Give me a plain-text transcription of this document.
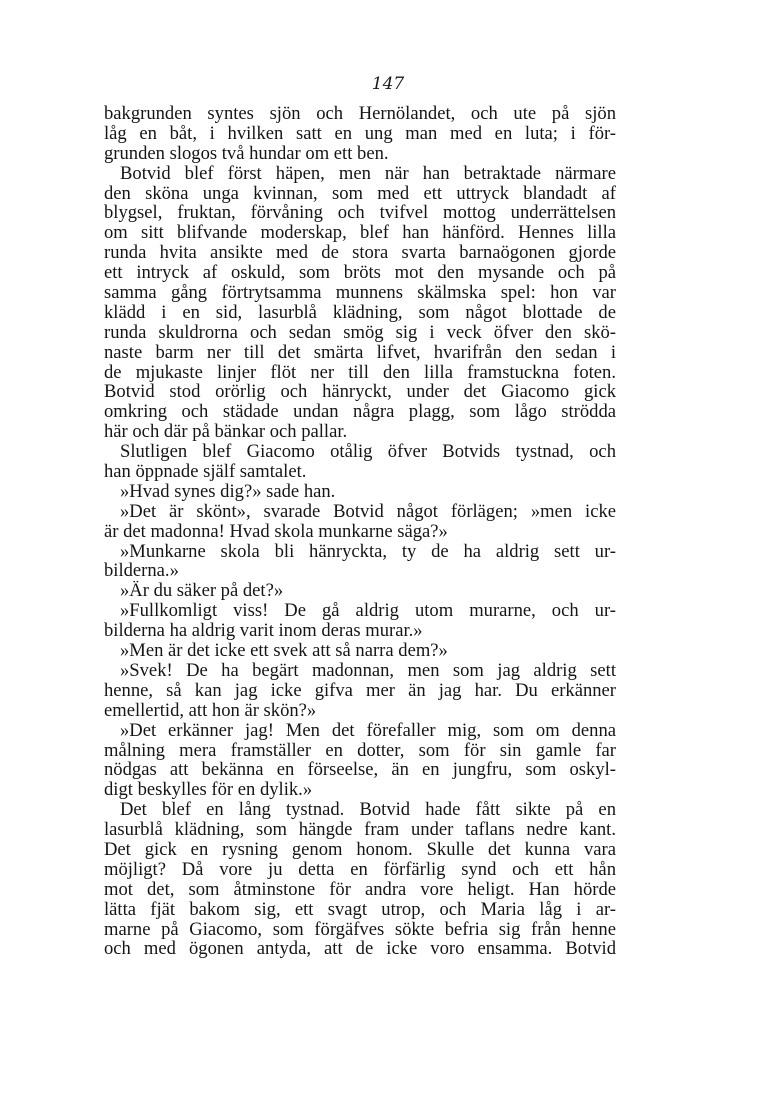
147
bakgrunden syntes sjön och Hernölandet, och ute på sjön
låg en båt, i hvilken satt en ung man med en luta; i för-
grunden slogos två hundar om ett ben.
Botvid blef först häpen, men när han betraktade närmare
den sköna unga kvinnan, som med ett uttryck blandadt af
blygsel, fruktan, förvåning och tvifvel mottog underrättelsen
om sitt blifvande moderskap, blef han hänförd. Hennes lilla
runda hvita ansikte med de stora svarta barnaögonen gjorde
ett intryck af oskuld, som bröts mot den mysande och på
samma gång förtrytsamma munnens skälmska spel: hon var
klädd i en sid, lasurblå klädning, som något blottade de
runda skuldrorna och sedan smög sig i veck öfver den skö-
naste barm ner till det smärta lifvet, hvarifrån den sedan i
de mjukaste linjer flöt ner till den lilla framstuckna foten.
Botvid stod orörlig och hänryckt, under det Giacomo gick
omkring och städade undan några plagg, som lågo strödda
här och där på bänkar och pallar.
Slutligen blef Giacomo otålig öfver Botvids tystnad, och
han öppnade själf samtalet.
»Hvad synes dig?» sade han.
»Det är skönt», svarade Botvid något förlägen; »men icke
är det madonna! Hvad skola munkarne säga?»
»Munkarne skola bli hänryckta, ty de ha aldrig sett ur-
bilderna.»
»Är du säker på det?»
»Fullkomligt viss! De gå aldrig utom murarne, och ur-
bilderna ha aldrig varit inom deras murar.»
»Men är det icke ett svek att så narra dem?»
»Svek! De ha begärt madonnan, men som jag aldrig sett
henne, så kan jag icke gifva mer än jag har. Du erkänner
emellertid, att hon är skön?»
»Det erkänner jag! Men det förefaller mig, som om denna
målning mera framställer en dotter, som för sin gamle far
nödgas att bekänna en förseelse, än en jungfru, som oskyl-
digt beskylles för en dylik.»
Det blef en lång tystnad. Botvid hade fått sikte på en
lasurblå klädning, som hängde fram under taflans nedre kant.
Det gick en rysning genom honom. Skulle det kunna vara
möjligt? Då vore ju detta en förfärlig synd och ett hån
mot det, som åtminstone för andra vore heligt. Han hörde
lätta fjät bakom sig, ett svagt utrop, och Maria låg i ar-
marne på Giacomo, som förgäfves sökte befria sig från henne
och med ögonen antyda, att de icke voro ensamma. Botvid
